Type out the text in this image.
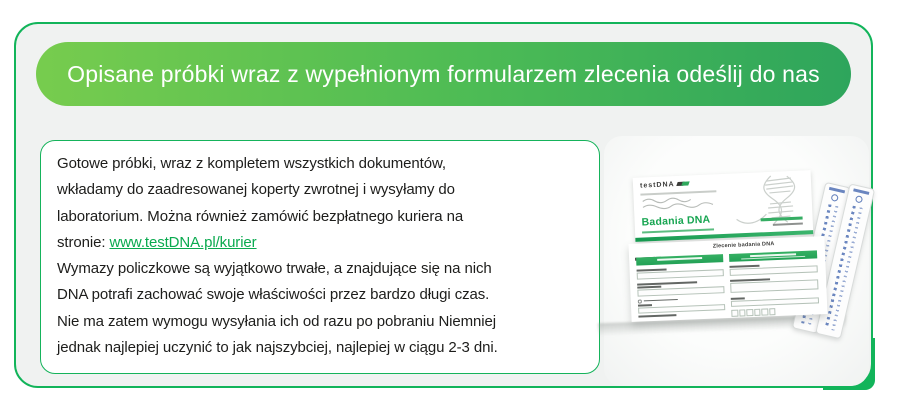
Opisane próbki wraz z wypełnionym formularzem zlecenia odeślij do nas
Gotowe próbki, wraz z kompletem wszystkich dokumentów,
wkładamy do zaadresowanej koperty zwrotnej i wysyłamy do
laboratorium. Można również zamówić bezpłatnego kuriera na
stronie: www.testDNA.pl/kurier
Wymazy policzkowe są wyjątkowo trwałe, a znajdujące się na nich
DNA potrafi zachować swoje właściwości przez bardzo długi czas.
Nie ma zatem wymogu wysyłania ich od razu po pobraniu Niemniej
jednak najlepiej uczynić to jak najszybciej, najlepiej w ciągu 2-3 dni.
testDNA
Badania DNA
Zlecenie badania DNA
